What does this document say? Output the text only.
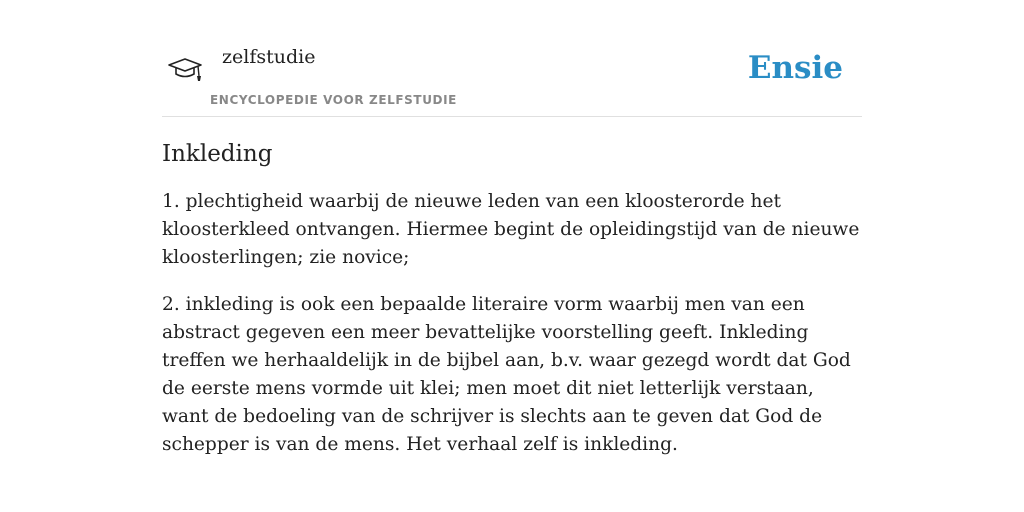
zelfstudie
ENCYCLOPEDIE VOOR ZELFSTUDIE
Ensie
Inkleding

1. plechtigheid waarbij de nieuwe leden van een kloosterorde het kloosterkleed ontvangen. Hiermee begint de opleidingstijd van de nieuwe kloosterlingen; zie novice;

2. inkleding is ook een bepaalde literaire vorm waarbij men van een abstract gegeven een meer bevattelijke voorstelling geeft. Inkleding treffen we herhaaldelijk in de bijbel aan, b.v. waar gezegd wordt dat God de eerste mens vormde uit klei; men moet dit niet letterlijk verstaan, want de bedoeling van de schrijver is slechts aan te geven dat God de schepper is van de mens. Het verhaal zelf is inkleding.
